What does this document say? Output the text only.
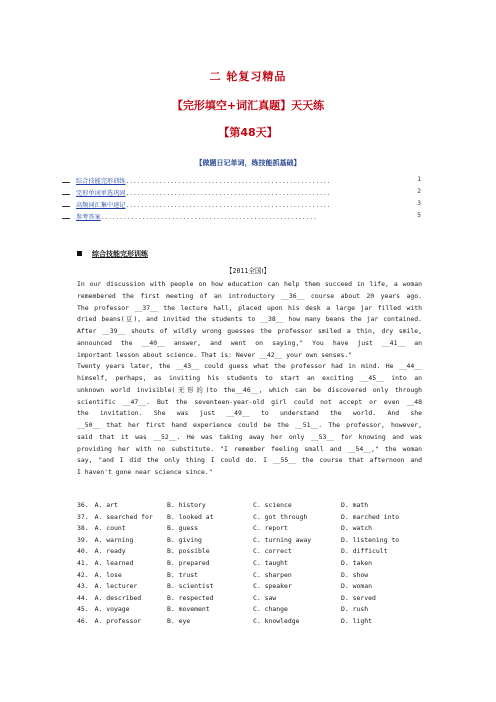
二 轮复习精品
【完形填空+词汇真题】天天练
【第48天】
【做题日记单词，练技能抓基础】
综合技能完形训练.......................................................	1
完形单词单选巩固.......................................................	2
高频词汇集中速记.......................................................	3
参考答案..........................................................	5
综合技能完形训练
【2011全国Ⅰ】
In our discussion with people on how education can help them succeed in life, a woman
remembered the first meeting of an introductory __36__ course about 20 years ago.
The professor __37__ the lecture hall, placed upon his desk a large jar filled with
dried beans(豆), and invited the students to __38__ how many beans the jar contained.
After __39__ shouts of wildly wrong guesses the professor smiled a thin, dry smile,
announced the __40__ answer, and went on saying," You have just __41__ an
important lesson about science. That is: Never __42__ your own senses."
Twenty years later, the __43__ could guess what the professor had in mind. He __44__
himself, perhaps, as inviting his students to start an exciting __45__ into an
unknown world invisible(无形的)to the__46__, which can be discovered only through
scientific __47__. But the seventeen-year-old girl could not accept or even __48
the invitation. She was just __49__ to understand the world. And she
__50__ that her first hand experience could be the __51__. The professor, however,
said that it was __52__. He was taking away her only __53__ for knowing and was
providing her with no substitute. "I remember feeling small and __54__," the woman
say, "and I did the only thing I could do. I __55__ the course that afternoon and
I haven't gone near science since."
36. A. art	B. history	C. science	D. math
37. A. searched for B. looked at	C. got through	D. marched into
38. A. count	B. guess	C. report	D. watch
39. A. warning	B. giving	C. turning away	D. listening to
40. A. ready	B. possible	C. correct	D. difficult
41. A. learned	B. prepared	C. taught	D. taken
42. A. lose	B. trust	C. sharpen	D. show
43. A. lecturer	B. scientist	C. speaker	D. woman
44. A. described	B. respected	C. saw	D. served
45. A. voyage	B. movement	C. change	D. rush
46. A. professor	B. eye	C. knowledge	D. light
